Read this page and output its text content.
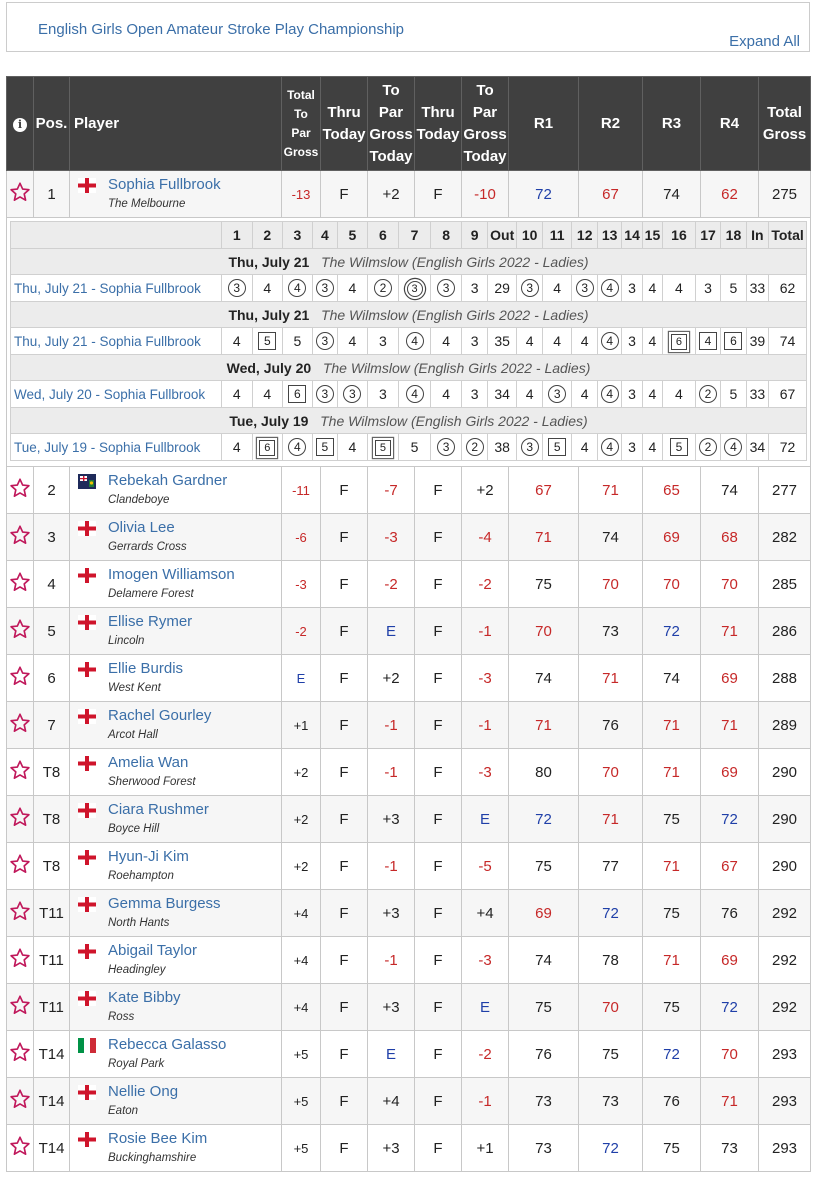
English Girls Open Amateur Stroke Play Championship
Expand All
i	Pos.	Player	Total
To
Par
Gross	Thru
Today	To
Par
Gross
Today	Thru
Today	To
Par
Gross
Today	R1	R2	R3	R4	Total
Gross
	1	
Sophia Fullbrook
The Melbourne
	-13	F	+2	F	-10	72	67	74	62	275

	1	2	3	4	5	6	7	8	9	Out	10	11	12	13	14	15	16	17	18	In	Total
Thu, July 21 The Wilmslow (English Girls 2022 - Ladies)
Thu, July 21 - Sophia Fullbrook	3	4	4	3	4	2	3	3	3	29	3	4	3	4	3	4	4	3	5	33	62
Thu, July 21 The Wilmslow (English Girls 2022 - Ladies)
Thu, July 21 - Sophia Fullbrook	4	5	5	3	4	3	4	4	3	35	4	4	4	4	3	4	6	4	6	39	74
Wed, July 20 The Wilmslow (English Girls 2022 - Ladies)
Wed, July 20 - Sophia Fullbrook	4	4	6	3	3	3	4	4	3	34	4	3	4	4	3	4	4	2	5	33	67
Tue, July 19 The Wilmslow (English Girls 2022 - Ladies)
Tue, July 19 - Sophia Fullbrook	4	6	4	5	4	5	5	3	2	38	3	5	4	4	3	4	5	2	4	34	72

	2	
Rebekah Gardner
Clandeboye
	-11	F	-7	F	+2	67	71	65	74	277
	3	
Olivia Lee
Gerrards Cross
	-6	F	-3	F	-4	71	74	69	68	282
	4	
Imogen Williamson
Delamere Forest
	-3	F	-2	F	-2	75	70	70	70	285
	5	
Ellise Rymer
Lincoln
	-2	F	E	F	-1	70	73	72	71	286
	6	
Ellie Burdis
West Kent
	E	F	+2	F	-3	74	71	74	69	288
	7	
Rachel Gourley
Arcot Hall
	+1	F	-1	F	-1	71	76	71	71	289
	T8	
Amelia Wan
Sherwood Forest
	+2	F	-1	F	-3	80	70	71	69	290
	T8	
Ciara Rushmer
Boyce Hill
	+2	F	+3	F	E	72	71	75	72	290
	T8	
Hyun-Ji Kim
Roehampton
	+2	F	-1	F	-5	75	77	71	67	290
	T11	
Gemma Burgess
North Hants
	+4	F	+3	F	+4	69	72	75	76	292
	T11	
Abigail Taylor
Headingley
	+4	F	-1	F	-3	74	78	71	69	292
	T11	
Kate Bibby
Ross
	+4	F	+3	F	E	75	70	75	72	292
	T14	
Rebecca Galasso
Royal Park
	+5	F	E	F	-2	76	75	72	70	293
	T14	
Nellie Ong
Eaton
	+5	F	+4	F	-1	73	73	76	71	293
	T14	
Rosie Bee Kim
Buckinghamshire
	+5	F	+3	F	+1	73	72	75	73	293
